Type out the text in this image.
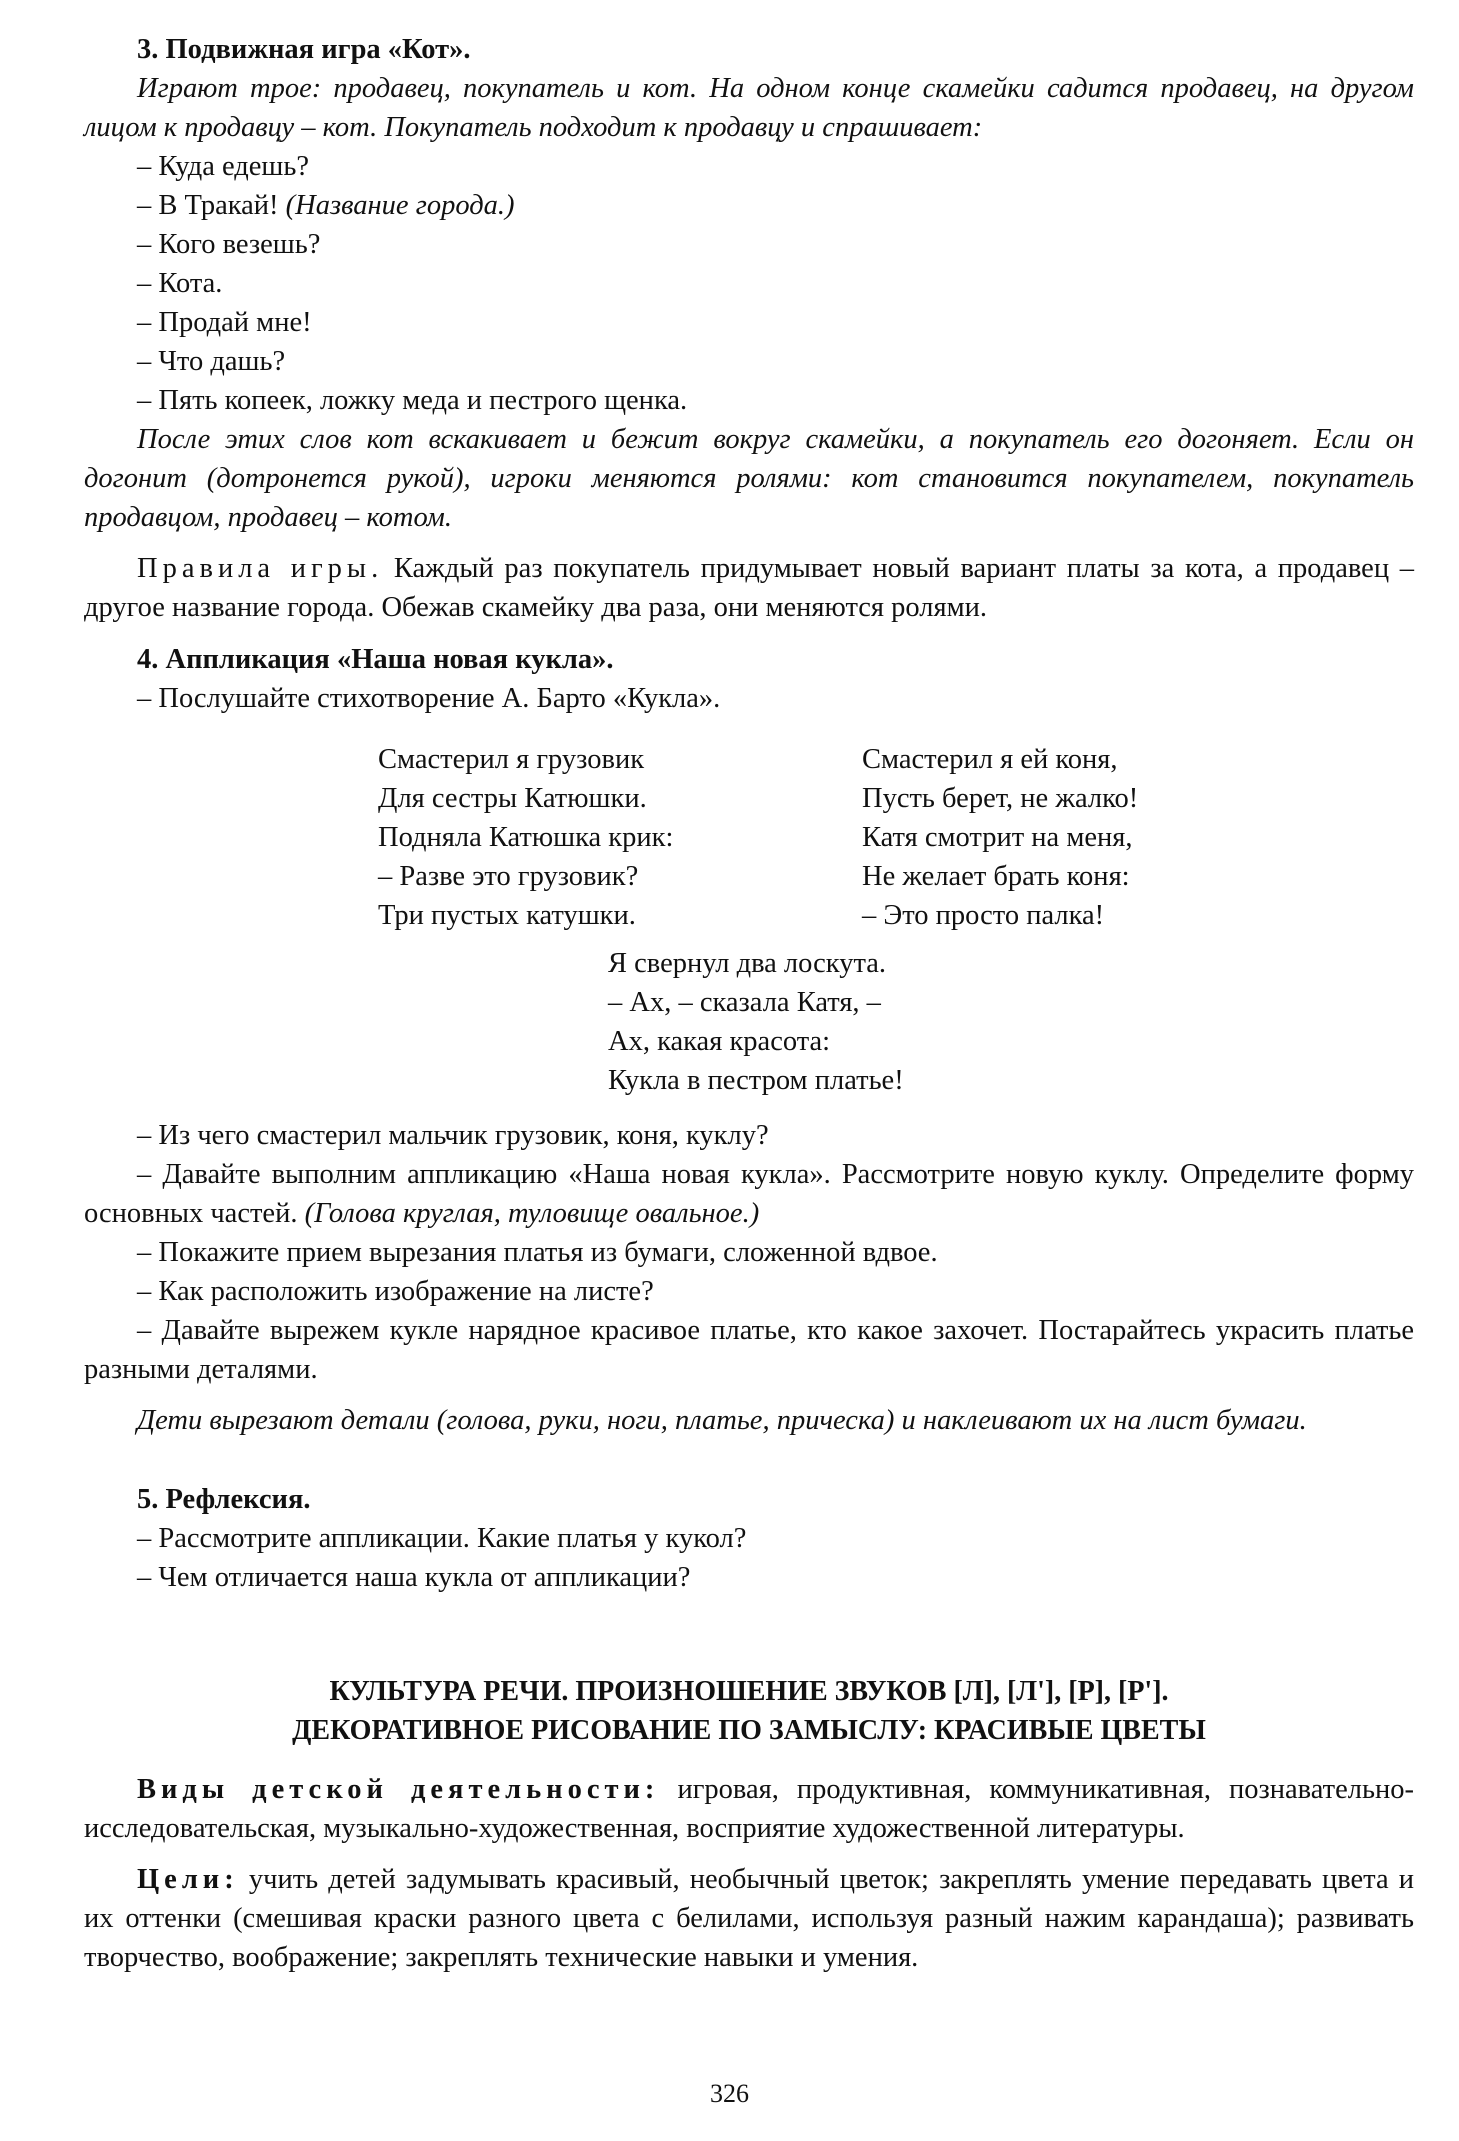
3. Подвижная игра «Кот».

Играют трое: продавец, покупатель и кот. На одном конце скамейки садится продавец, на другом лицом к продавцу – кот. Покупатель подходит к продавцу и спрашивает:

– Куда едешь?

– В Тракай! (Название города.)

– Кого везешь?

– Кота.

– Продай мне!

– Что дашь?

– Пять копеек, ложку меда и пестрого щенка.

После этих слов кот вскакивает и бежит вокруг скамейки, а покупатель его догоняет. Если он догонит (дотронется рукой), игроки меняются ролями: кот становится покупателем, покупатель продавцом, продавец – котом.

Правила игры. Каждый раз покупатель придумывает новый вариант платы за кота, а продавец – другое название города. Обежав скамейку два раза, они меняются ролями.

4. Аппликация «Наша новая кукла».

– Послушайте стихотворение А. Барто «Кукла».

Смастерил я грузовик

Для сестры Катюшки.

Подняла Катюшка крик:

– Разве это грузовик?

Три пустых катушки.

Смастерил я ей коня,

Пусть берет, не жалко!

Катя смотрит на меня,

Не желает брать коня:

– Это просто палка!

Я свернул два лоскута.

– Ах, – сказала Катя, –

Ах, какая красота:

Кукла в пестром платье!

– Из чего смастерил мальчик грузовик, коня, куклу?

– Давайте выполним аппликацию «Наша новая кукла». Рассмотрите новую куклу. Определите форму основных частей. (Голова круглая, туловище овальное.)

– Покажите прием вырезания платья из бумаги, сложенной вдвое.

– Как расположить изображение на листе?

– Давайте вырежем кукле нарядное красивое платье, кто какое захочет. Постарайтесь украсить платье разными деталями.

Дети вырезают детали (голова, руки, ноги, платье, прическа) и наклеивают их на лист бумаги.

5. Рефлексия.

– Рассмотрите аппликации. Какие платья у кукол?

– Чем отличается наша кукла от аппликации?

КУЛЬТУРА РЕЧИ. ПРОИЗНОШЕНИЕ ЗВУКОВ [Л], [Л'], [Р], [Р'].

ДЕКОРАТИВНОЕ РИСОВАНИЕ ПО ЗАМЫСЛУ: КРАСИВЫЕ ЦВЕТЫ

Виды детской деятельности: игровая, продуктивная, коммуникативная, познавательно-исследовательская, музыкально-художественная, восприятие художественной литературы.

Цели: учить детей задумывать красивый, необычный цветок; закреплять умение передавать цвета и их оттенки (смешивая краски разного цвета с белилами, используя разный нажим карандаша); развивать творчество, воображение; закреплять технические навыки и умения.

326
